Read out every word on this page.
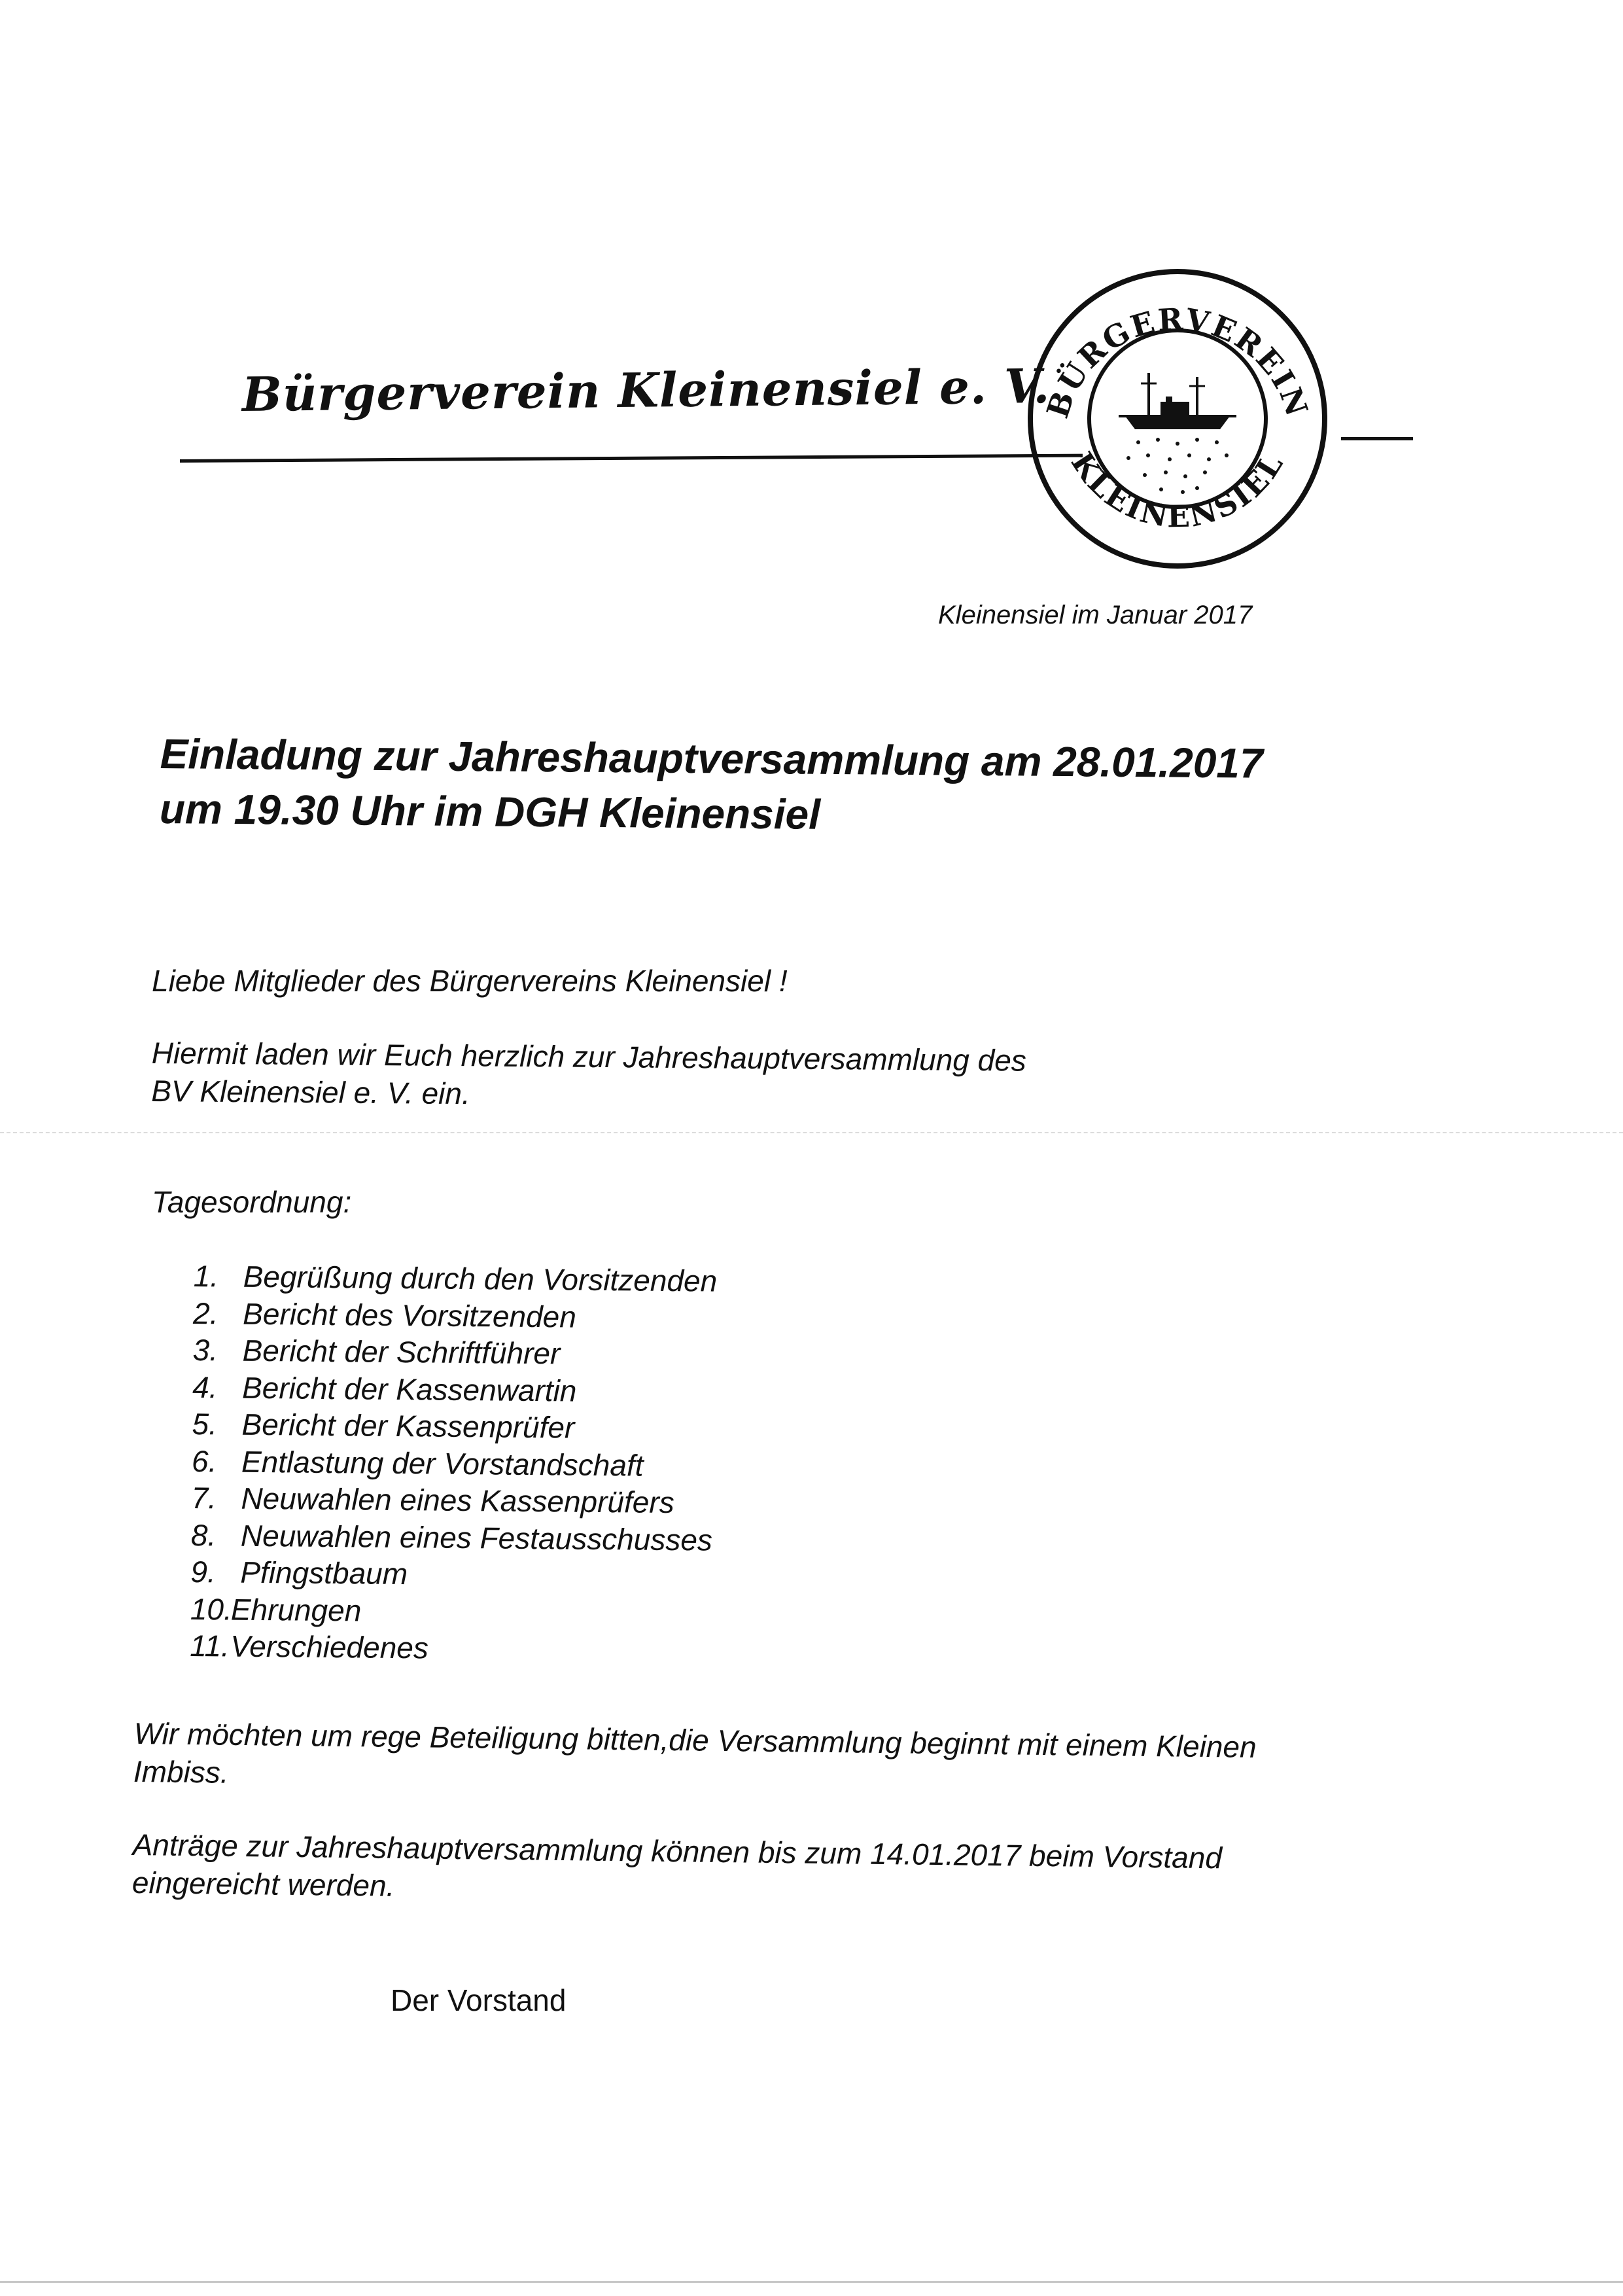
Bürgerverein Kleinensiel e. V.
BÜRGERVEREIN
KLEINENSIEL
Kleinensiel im Januar 2017
Einladung zur Jahreshauptversammlung am 28.01.2017
um 19.30 Uhr im DGH Kleinensiel
Liebe Mitglieder des Bürgervereins Kleinensiel !
Hiermit laden wir Euch herzlich zur Jahreshauptversammlung des
BV Kleinensiel e. V. ein.
Tagesordnung:
1. Begrüßung durch den Vorsitzenden
2. Bericht des Vorsitzenden
3. Bericht der Schriftführer
4. Bericht der Kassenwartin
5. Bericht der Kassenprüfer
6. Entlastung der Vorstandschaft
7. Neuwahlen eines Kassenprüfers
8. Neuwahlen eines Festausschusses
9. Pfingstbaum
10.Ehrungen
11.Verschiedenes
Wir möchten um rege Beteiligung bitten,die Versammlung beginnt mit einem Kleinen
Imbiss.
Anträge zur Jahreshauptversammlung können bis zum 14.01.2017 beim Vorstand
eingereicht werden.
Der Vorstand
